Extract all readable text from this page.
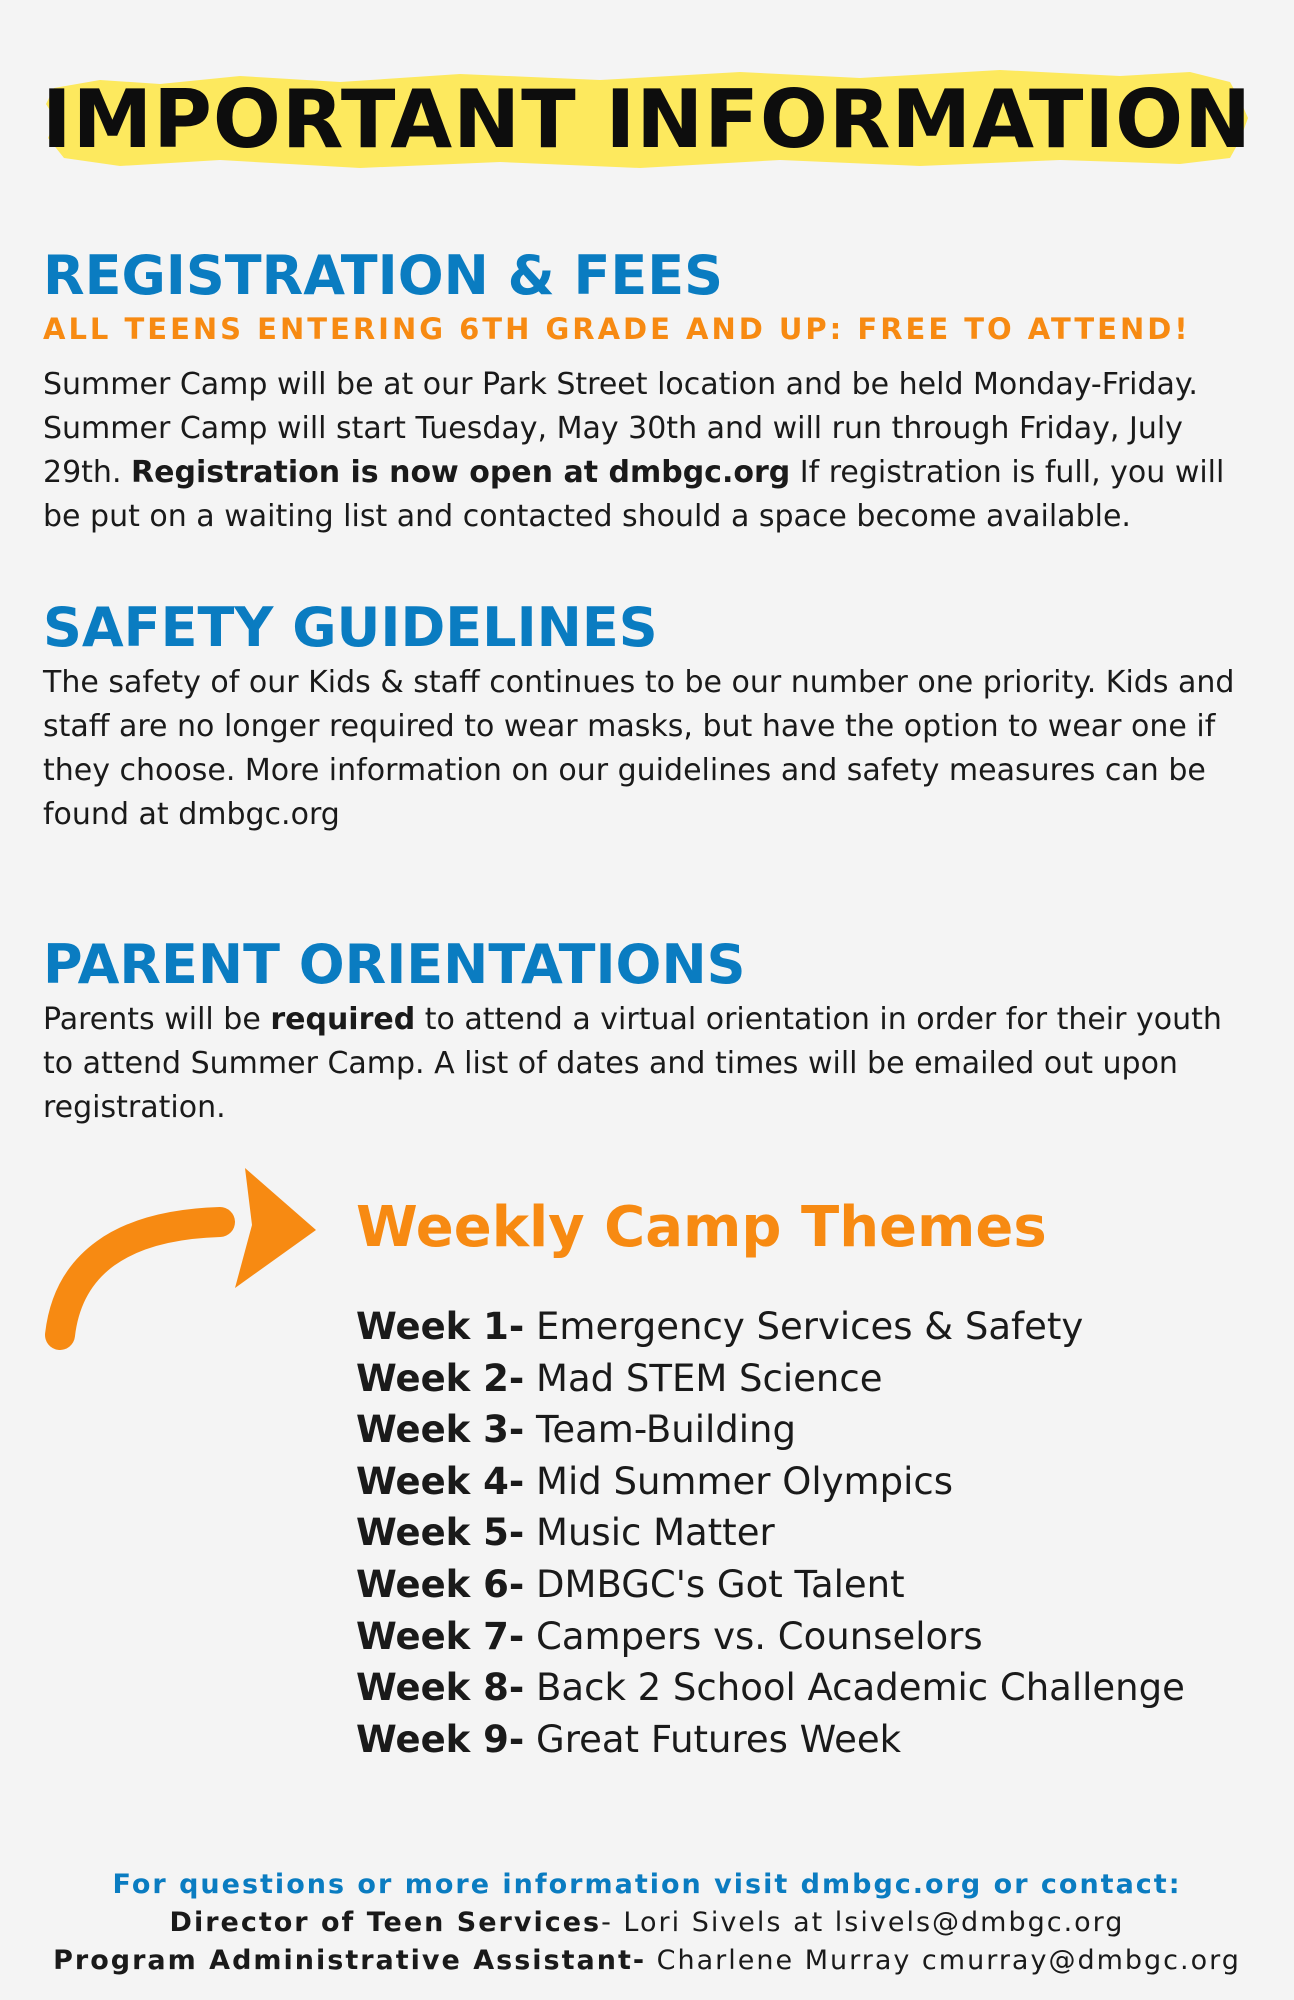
IMPORTANT INFORMATION
REGISTRATION & FEES

ALL TEENS ENTERING 6TH GRADE AND UP: FREE TO ATTEND!

Summer Camp will be at our Park Street location and be held Monday-Friday. Summer Camp will start Tuesday, May 30th and will run through Friday, July 29th. Registration is now open at dmbgc.org If registration is full, you will be put on a waiting list and contacted should a space become available.

SAFETY GUIDELINES

The safety of our Kids & staff continues to be our number one priority. Kids and staff are no longer required to wear masks, but have the option to wear one if they choose. More information on our guidelines and safety measures can be found at dmbgc.org

PARENT ORIENTATIONS

Parents will be required to attend a virtual orientation in order for their youth to attend Summer Camp. A list of dates and times will be emailed out upon registration.

Weekly Camp Themes
Week 1- Emergency Services & Safety
Week 2- Mad STEM Science
Week 3- Team-Building
Week 4- Mid Summer Olympics
Week 5- Music Matter
Week 6- DMBGC's Got Talent
Week 7- Campers vs. Counselors
Week 8- Back 2 School Academic Challenge
Week 9- Great Futures Week
For questions or more information visit dmbgc.org or contact:
Director of Teen Services- Lori Sivels at lsivels@dmbgc.org
Program Administrative Assistant- Charlene Murray cmurray@dmbgc.org
